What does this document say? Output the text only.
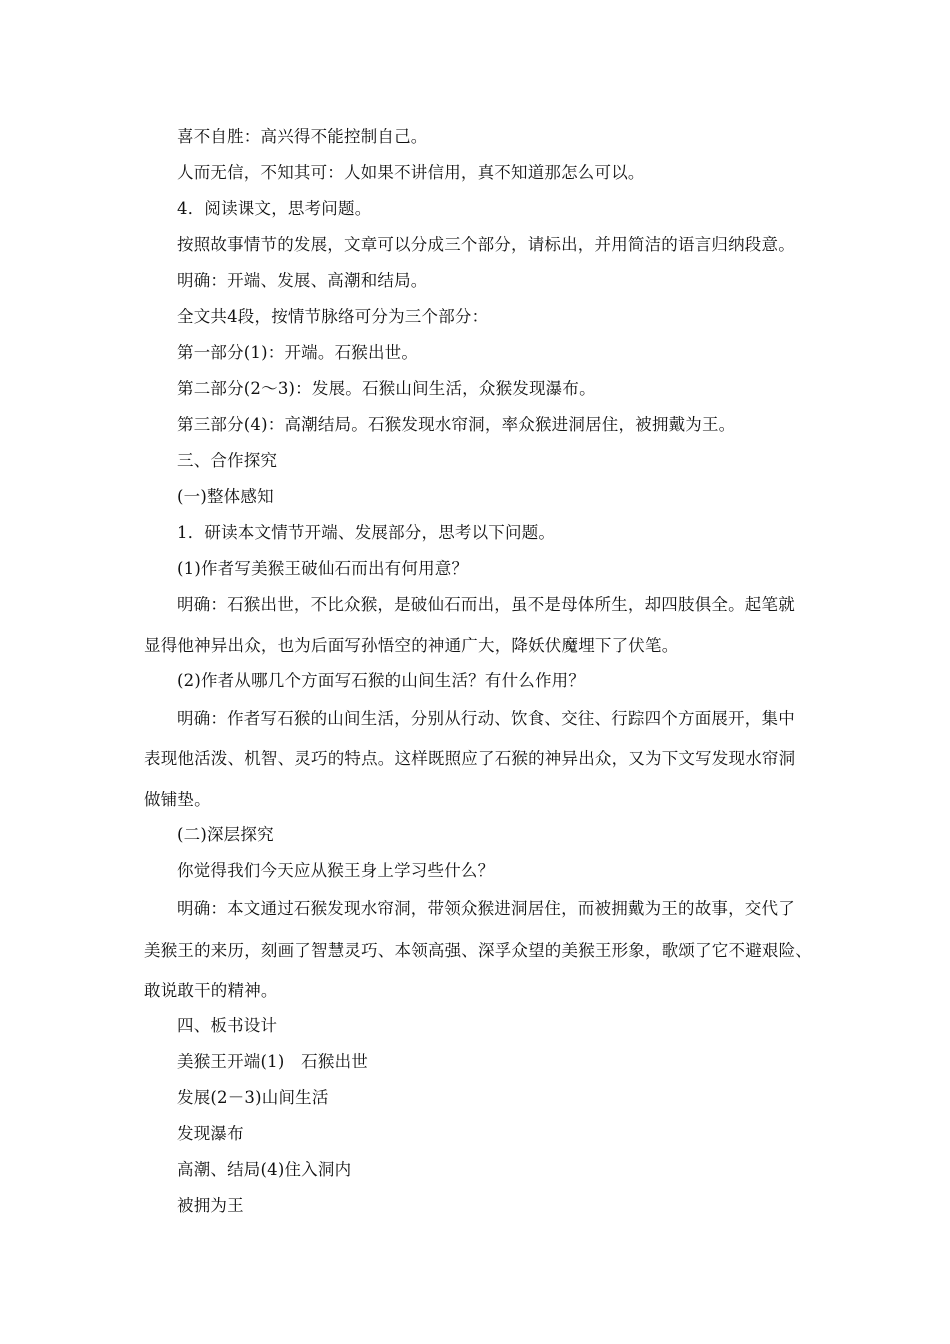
喜不自胜：高兴得不能控制自己。
人而无信，不知其可：人如果不讲信用，真不知道那怎么可以。
4．阅读课文，思考问题。
按照故事情节的发展，文章可以分成三个部分，请标出，并用简洁的语言归纳段意。
明确：开端、发展、高潮和结局。
全文共4段，按情节脉络可分为三个部分：
第一部分(1)：开端。石猴出世。
第二部分(2～3)：发展。石猴山间生活，众猴发现瀑布。
第三部分(4)：高潮结局。石猴发现水帘洞，率众猴进洞居住，被拥戴为王。
三、合作探究
(一)整体感知
1．研读本文情节开端、发展部分，思考以下问题。
(1)作者写美猴王破仙石而出有何用意？
明确：石猴出世，不比众猴，是破仙石而出，虽不是母体所生，却四肢俱全。起笔就
显得他神异出众，也为后面写孙悟空的神通广大，降妖伏魔埋下了伏笔。
(2)作者从哪几个方面写石猴的山间生活？有什么作用？
明确：作者写石猴的山间生活，分别从行动、饮食、交往、行踪四个方面展开，集中
表现他活泼、机智、灵巧的特点。这样既照应了石猴的神异出众，又为下文写发现水帘洞
做铺垫。
(二)深层探究
你觉得我们今天应从猴王身上学习些什么？
明确：本文通过石猴发现水帘洞，带领众猴进洞居住，而被拥戴为王的故事，交代了
美猴王的来历，刻画了智慧灵巧、本领高强、深孚众望的美猴王形象，歌颂了它不避艰险、
敢说敢干的精神。
四、板书设计
美猴王开端(1)　石猴出世
发展(2－3)山间生活
发现瀑布
高潮、结局(4)住入洞内
被拥为王
